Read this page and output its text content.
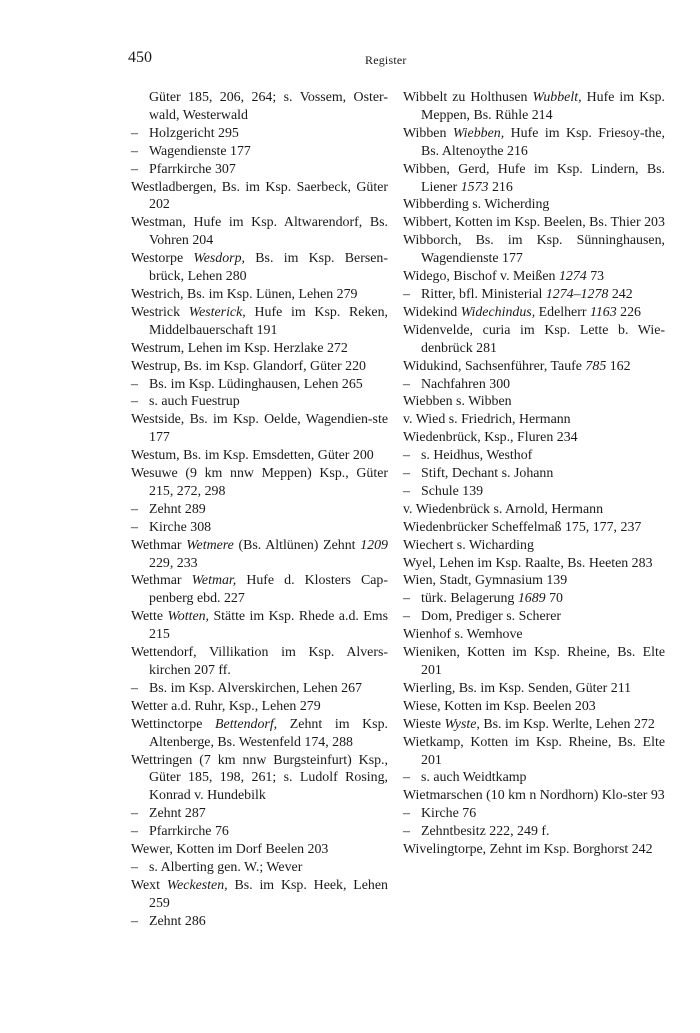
450	Register
Güter 185, 206, 264; s. Vossem, Oster-wald, Westerwald
– Holzgericht 295
– Wagendienste 177
– Pfarrkirche 307
Westladbergen, Bs. im Ksp. Saerbeck, Güter 202
Westman, Hufe im Ksp. Altwarendorf, Bs. Vohren 204
Westorpe Wesdorp, Bs. im Ksp. Bersen-brück, Lehen 280
Westrich, Bs. im Ksp. Lünen, Lehen 279
Westrick Westerick, Hufe im Ksp. Reken, Middelbauerschaft 191
Westrum, Lehen im Ksp. Herzlake 272
Westrup, Bs. im Ksp. Glandorf, Güter 220
– Bs. im Ksp. Lüdinghausen, Lehen 265
– s. auch Fuestrup
Westside, Bs. im Ksp. Oelde, Wagendien-ste 177
Westum, Bs. im Ksp. Emsdetten, Güter 200
Wesuwe (9 km nnw Meppen) Ksp., Güter 215, 272, 298
– Zehnt 289
– Kirche 308
Wethmar Wetmere (Bs. Altlünen) Zehnt 1209 229, 233
Wethmar Wetmar, Hufe d. Klosters Cap-penberg ebd. 227
Wette Wotten, Stätte im Ksp. Rhede a.d. Ems 215
Wettendorf, Villikation im Ksp. Alvers-kirchen 207 ff.
– Bs. im Ksp. Alverskirchen, Lehen 267
Wetter a.d. Ruhr, Ksp., Lehen 279
Wettinctorpe Bettendorf, Zehnt im Ksp. Altenberge, Bs. Westenfeld 174, 288
Wettringen (7 km nnw Burgsteinfurt) Ksp., Güter 185, 198, 261; s. Ludolf Rosing, Konrad v. Hundebilk
– Zehnt 287
– Pfarrkirche 76
Wewer, Kotten im Dorf Beelen 203
– s. Alberting gen. W.; Wever
Wext Weckesten, Bs. im Ksp. Heek, Lehen 259
– Zehnt 286
Wibbelt zu Holthusen Wubbelt, Hufe im Ksp. Meppen, Bs. Rühle 214
Wibben Wiebben, Hufe im Ksp. Friesoy-the, Bs. Altenoythe 216
Wibben, Gerd, Hufe im Ksp. Lindern, Bs. Liener 1573 216
Wibberding s. Wicherding
Wibbert, Kotten im Ksp. Beelen, Bs. Thier 203
Wibborch, Bs. im Ksp. Sünninghausen, Wagendienste 177
Widego, Bischof v. Meißen 1274 73
– Ritter, bfl. Ministerial 1274–1278 242
Widekind Widechindus, Edelherr 1163 226
Widenvelde, curia im Ksp. Lette b. Wie-denbrück 281
Widukind, Sachsenführer, Taufe 785 162
– Nachfahren 300
Wiebben s. Wibben
v. Wied s. Friedrich, Hermann
Wiedenbrück, Ksp., Fluren 234
– s. Heidhus, Westhof
– Stift, Dechant s. Johann
– Schule 139
v. Wiedenbrück s. Arnold, Hermann
Wiedenbrücker Scheffelmaß 175, 177, 237
Wiechert s. Wicharding
Wyel, Lehen im Ksp. Raalte, Bs. Heeten 283
Wien, Stadt, Gymnasium 139
– türk. Belagerung 1689 70
– Dom, Prediger s. Scherer
Wienhof s. Wemhove
Wieniken, Kotten im Ksp. Rheine, Bs. Elte 201
Wierling, Bs. im Ksp. Senden, Güter 211
Wiese, Kotten im Ksp. Beelen 203
Wieste Wyste, Bs. im Ksp. Werlte, Lehen 272
Wietkamp, Kotten im Ksp. Rheine, Bs. Elte 201
– s. auch Weidtkamp
Wietmarschen (10 km n Nordhorn) Klo-ster 93
– Kirche 76
– Zehntbesitz 222, 249 f.
Wivelingtorpe, Zehnt im Ksp. Borghorst 242
